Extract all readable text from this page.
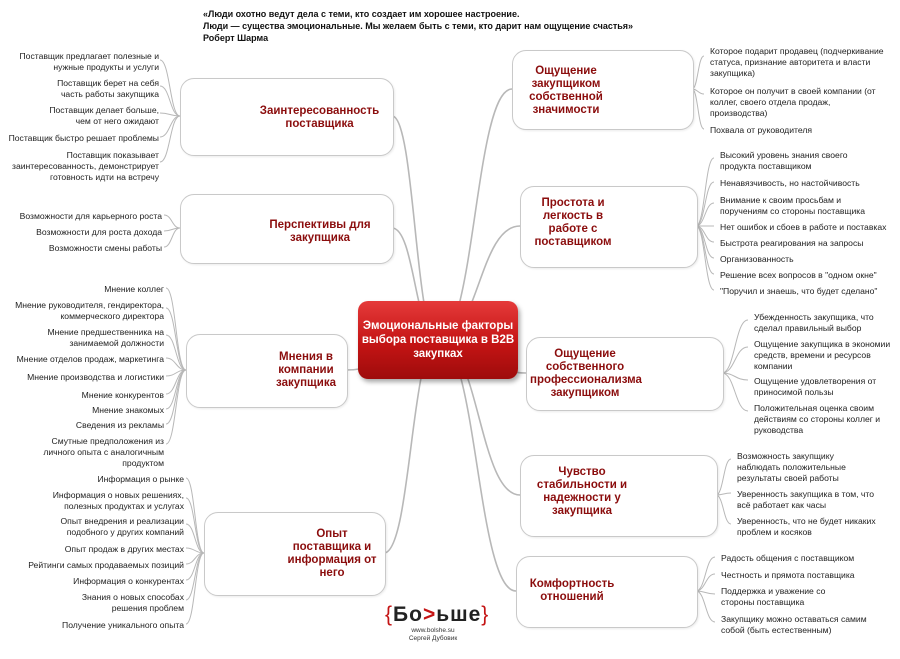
«Люди охотно ведут дела с теми, кто создает им хорошее настроение.
Люди — существа эмоциональные. Мы желаем быть с теми, кто дарит нам ощущение счастья»
Роберт Шарма
Эмоциональные факторы выбора поставщика в B2B закупках
Заинтересованность поставщика
Перспективы для закупщика
Мнения в компании закупщика
Опыт поставщика и информация от него
Ощущение закупщиком собственной значимости
Простота и легкость в работе с поставщиком
Ощущение собственного профессионализма закупщиком
Чувство стабильности и надежности у закупщика
Комфортность отношений
Поставщик предлагает полезные и нужные продукты и услуги
Поставщик берет на себя часть работы закупщика
Поставщик делает больше, чем от него ожидают
Поставщик быстро решает проблемы
Поставщик показывает заинтересованность, демонстрирует готовность идти на встречу
Возможности для карьерного роста
Возможности для роста дохода
Возможности смены работы
Мнение коллег
Мнение руководителя, гендиректора, коммерческого директора
Мнение предшественника на занимаемой должности
Мнение отделов продаж, маркетинга
Мнение производства и логистики
Мнение конкурентов
Мнение знакомых
Сведения из рекламы
Смутные предположения из личного опыта с аналогичным продуктом
Информация о рынке
Информация о новых решениях, полезных продуктах и услугах
Опыт внедрения и реализации подобного у других компаний
Опыт продаж в других местах
Рейтинги самых продаваемых позиций
Информация о конкурентах
Знания о новых способах решения проблем
Получение уникального опыта
Которое подарит продавец (подчеркивание статуса, признание авторитета и власти закупщика)
Которое он получит в своей компании (от коллег, своего отдела продаж, производства)
Похвала от руководителя
Высокий уровень знания своего продукта поставщиком
Ненавязчивость, но настойчивость
Внимание к своим просьбам и поручениям со стороны поставщика
Нет ошибок и сбоев в работе и поставках
Быстрота реагирования на запросы
Организованность
Решение всех вопросов в "одном окне"
"Поручил и знаешь, что будет сделано"
Убежденность закупщика, что сделал правильный выбор
Ощущение закупщика в экономии средств, времени и ресурсов компании
Ощущение удовлетворения от приносимой пользы
Положительная оценка своим действиям со стороны коллег и руководства
Возможность закупщику наблюдать положительные результаты своей работы
Уверенность закупщика в том, что всё работает как часы
Уверенность, что не будет никаких проблем и косяков
Радость общения с поставщиком
Честность и прямота поставщика
Поддержка и уважение со стороны поставщика
Закупщику можно оставаться самим собой (быть естественным)
{Бо>ьше}
www.bolshe.su
Сергей Дубовик
